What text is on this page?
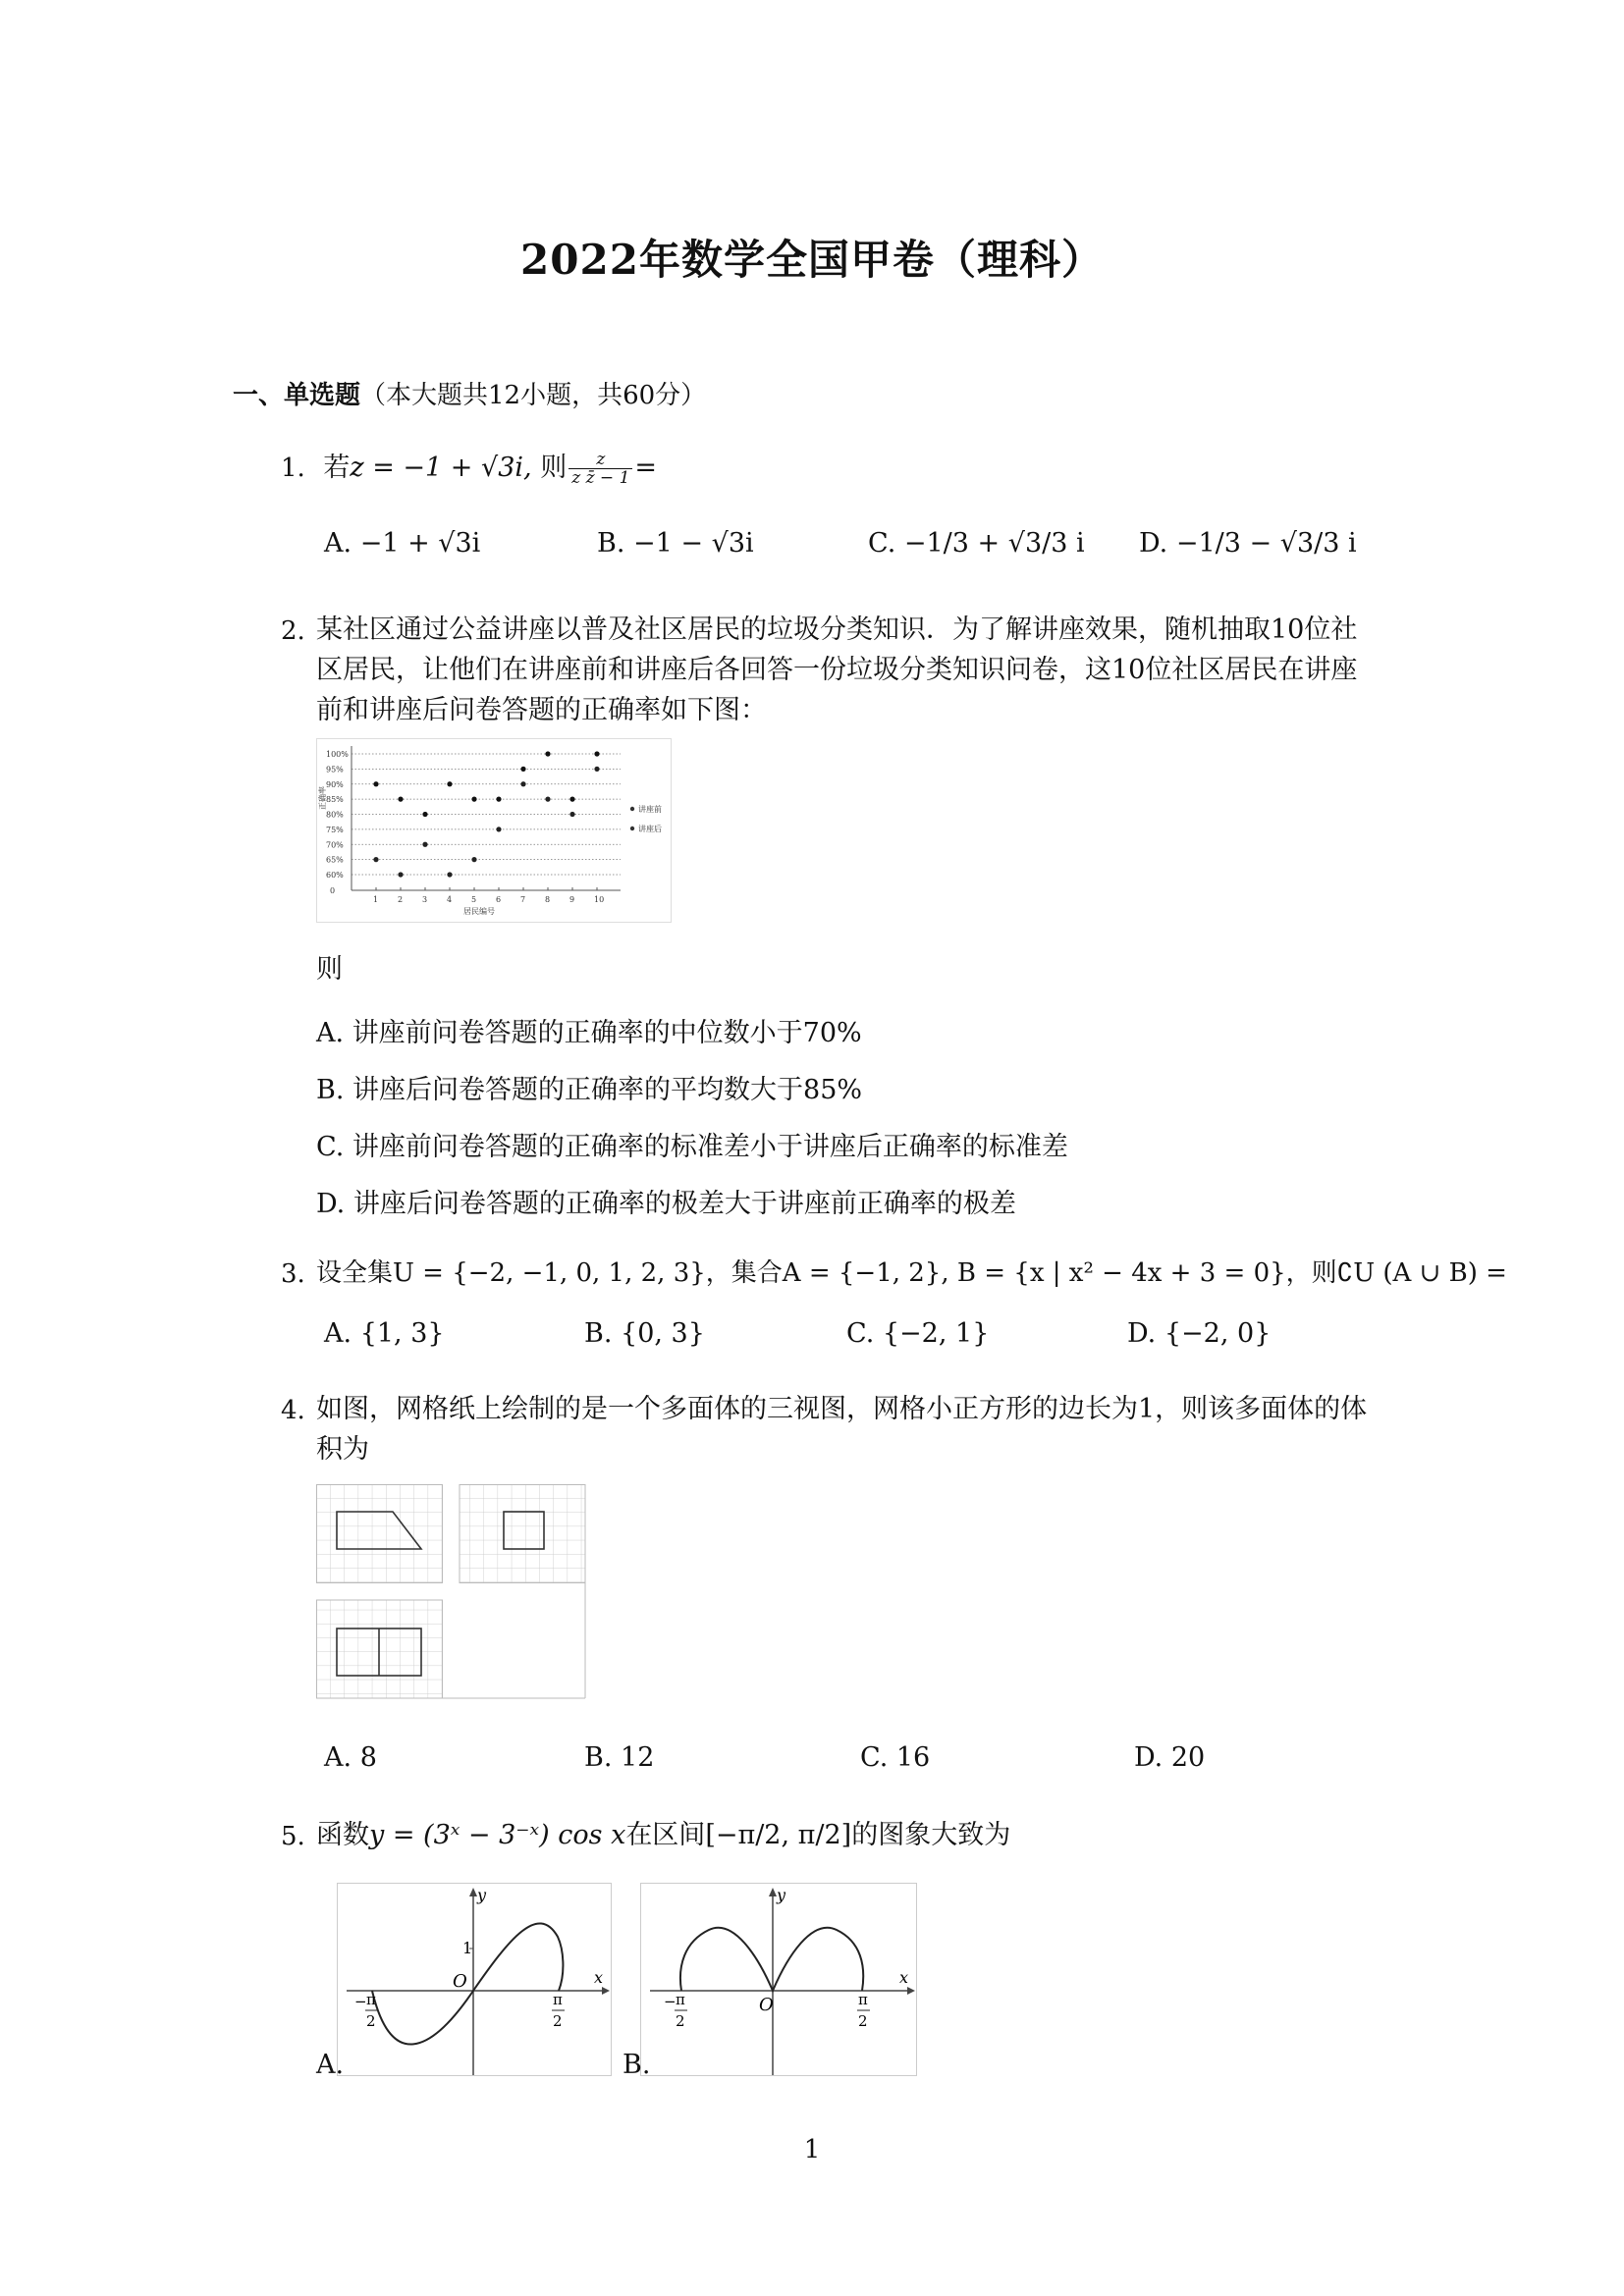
2022年数学全国甲卷（理科）
一、单选题（本大题共12小题，共60分）
1. 若z = −1 + √3i, 则 $\frac{z}{\text{z z̄ − 1}}$ =
A. −1 + √3i	B. −1 − √3i	C. −1/3 + √3/3 i D. −1/3 − √3/3 i
2. 某社区通过公益讲座以普及社区居民的垃圾分类知识．为了解讲座效果，随机抽取10位社
区居民，让他们在讲座前和讲座后各回答一份垃圾分类知识问卷，这10位社区居民在讲座
前和讲座后问卷答题的正确率如下图：
0
60%
65%
70%
75%
80%
85%
90%
95%
100%
正确率
1 2 3 4 5 6 7 8 9 10
居民编号
讲座前
讲座后
则
A. 讲座前问卷答题的正确率的中位数小于70%
B. 讲座后问卷答题的正确率的平均数大于85%
C. 讲座前问卷答题的正确率的标准差小于讲座后正确率的标准差
D. 讲座后问卷答题的正确率的极差大于讲座前正确率的极差
3. 设全集U = {−2, −1, 0, 1, 2, 3}，集合A = {−1, 2}, B = {x | x² − 4x + 3 = 0}，则∁U (A ∪ B) =
A. {1, 3}	B. {0, 3}	C. {−2, 1}	D. {−2, 0}
4. 如图，网格纸上绘制的是一个多面体的三视图，网格小正方形的边长为1，则该多面体的体
积为
A. 8	B. 12	C. 16	D. 20
5. 函数y = (3ˣ − 3⁻ˣ) cos x在区间[−π/2, π/2]的图象大致为
y
x
O
1
− π
2
π
2
y
x
O
− π
2
π
2
A.	B.
1
